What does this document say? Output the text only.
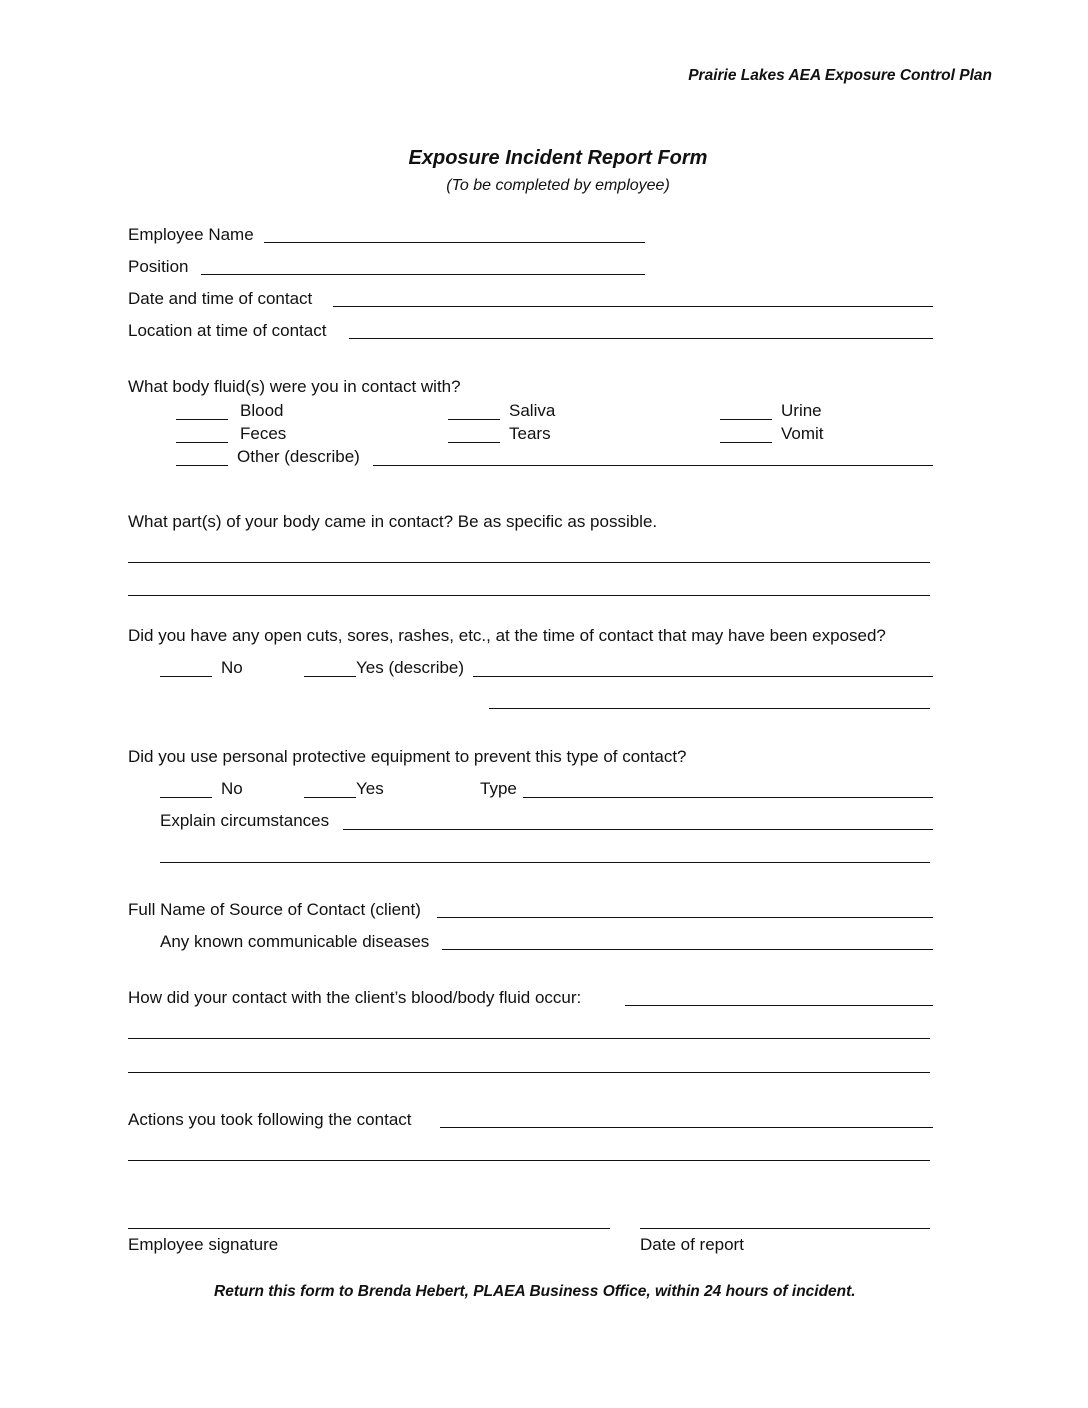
Prairie Lakes AEA Exposure Control Plan
Exposure Incident Report Form
(To be completed by employee)
Employee Name
Position
Date and time of contact
Location at time of contact
What body fluid(s) were you in contact with?
Blood	Saliva	Urine
Feces	Tears	Vomit
Other (describe)
What part(s) of your body came in contact? Be as specific as possible.
Did you have any open cuts, sores, rashes, etc., at the time of contact that may have been exposed?
No	Yes (describe)
Did you use personal protective equipment to prevent this type of contact?
No	Yes	Type
Explain circumstances
Full Name of Source of Contact (client)
Any known communicable diseases
How did your contact with the client’s blood/body fluid occur:
Actions you took following the contact
Employee signature	Date of report
Return this form to Brenda Hebert, PLAEA Business Office, within 24 hours of incident.
